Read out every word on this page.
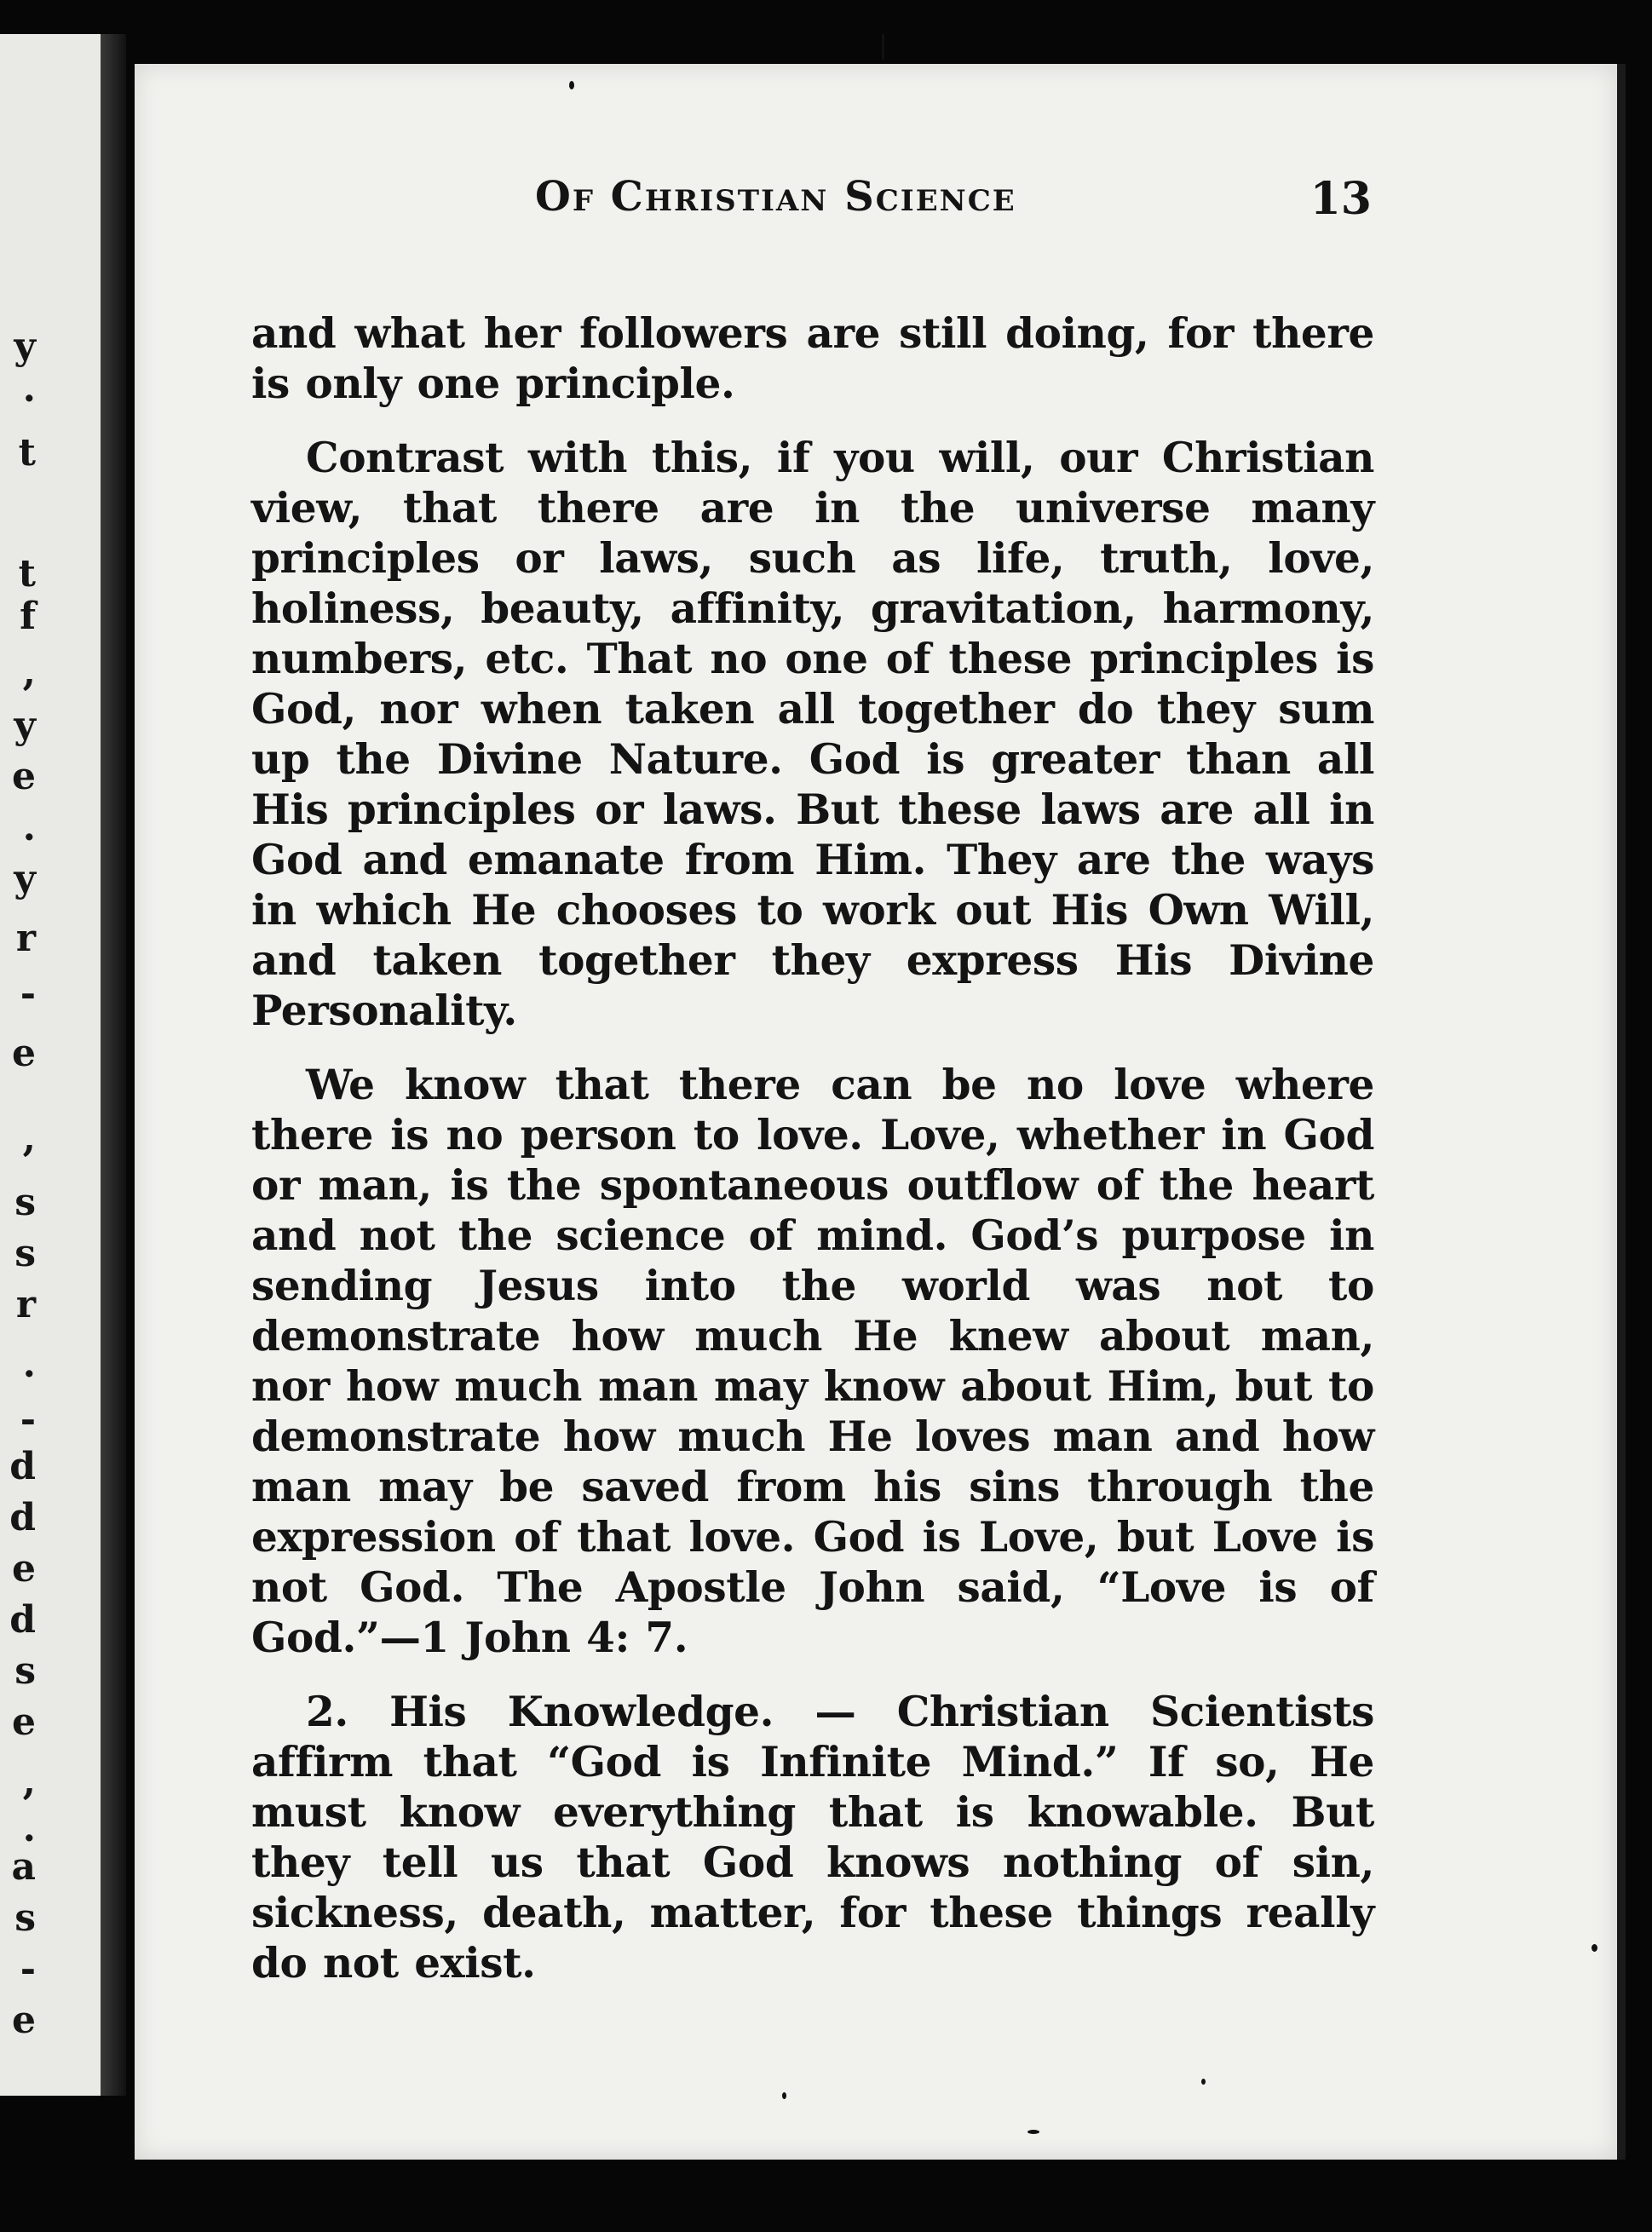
y
.
t
t
f
,
y
e
.
y
r
-
e
,
s
s
r
.
-
d
d
e
d
s
e
,
.
a
s
-
e
Of Christian Science	13

and what her followers are still doing, for there is only one principle.

Contrast with this, if you will, our Christian view, that there are in the universe many principles or laws, such as life, truth, love, holiness, beauty, affinity, gravitation, harmony, numbers, etc. That no one of these principles is God, nor when taken all together do they sum up the Divine Nature. God is greater than all His principles or laws. But these laws are all in God and emanate from Him. They are the ways in which He chooses to work out His Own Will, and taken together they express His Divine Personality.

We know that there can be no love where there is no person to love. Love, whether in God or man, is the spontaneous outflow of the heart and not the science of mind. God’s purpose in sending Jesus into the world was not to demonstrate how much He knew about man, nor how much man may know about Him, but to demonstrate how much He loves man and how man may be saved from his sins through the expression of that love. God is Love, but Love is not God. The Apostle John said, “Love is of God.”—1 John 4: 7.

2. His Knowledge. — Christian Scientists affirm that “God is Infinite Mind.” If so, He must know everything that is knowable. But they tell us that God knows nothing of sin, sickness, death, matter, for these things really do not exist.
